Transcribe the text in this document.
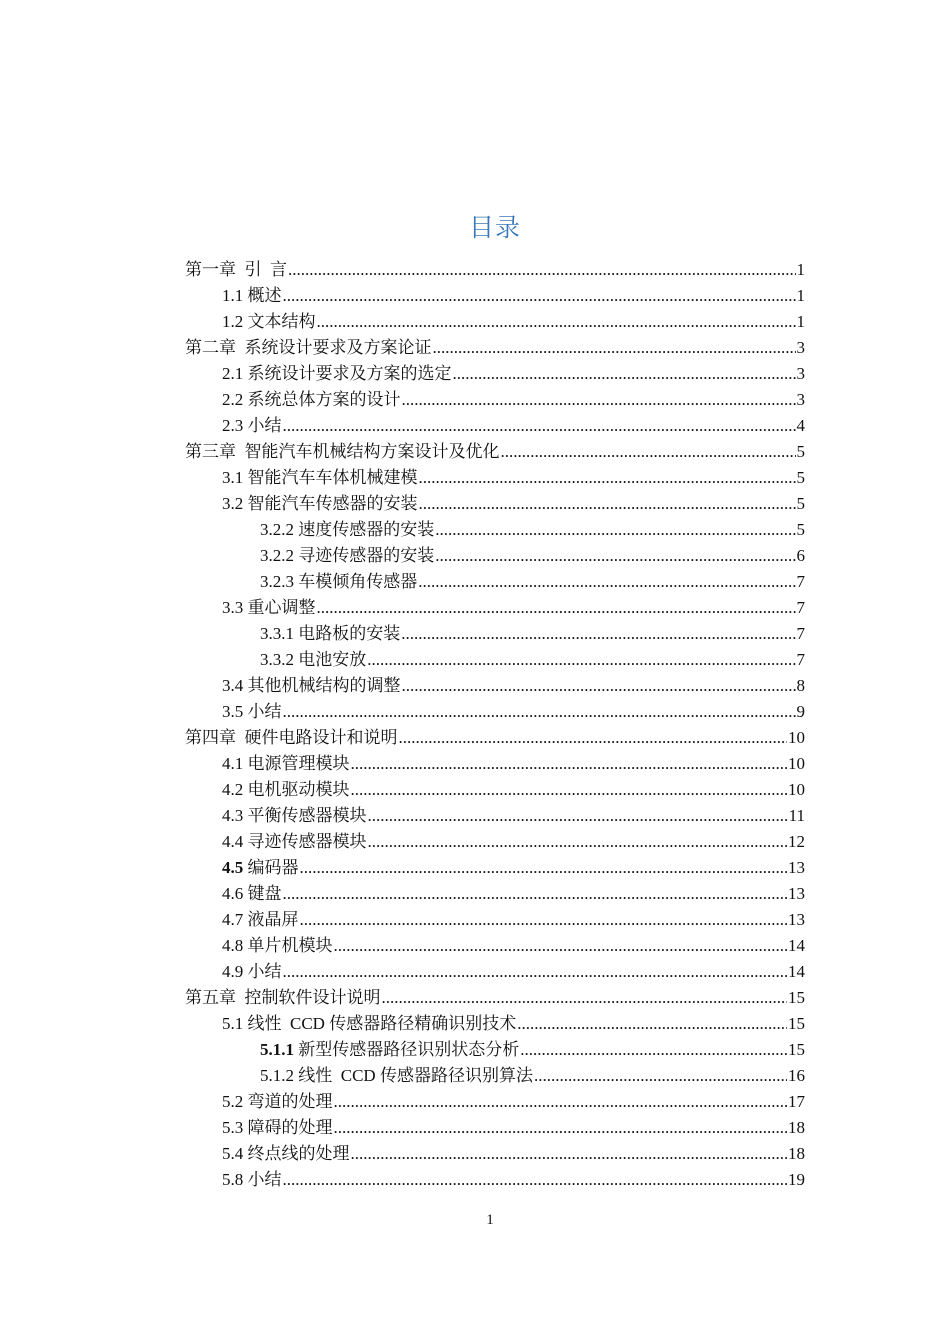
目录
第一章  引  言 .....	1
1.1 概述 .....	1
1.2 文本结构 .....	1
第二章  系统设计要求及方案论证 .....	3
2.1 系统设计要求及方案的选定 .....	3
2.2 系统总体方案的设计 .....	3
2.3 小结 .....	4
第三章  智能汽车机械结构方案设计及优化 .....	5
3.1 智能汽车车体机械建模 .....	5
3.2 智能汽车传感器的安装 .....	5
3.2.2 速度传感器的安装 .....	5
3.2.2 寻迹传感器的安装 .....	6
3.2.3 车模倾角传感器 .....	7
3.3 重心调整 .....	7
3.3.1 电路板的安装 .....	7
3.3.2 电池安放 .....	7
3.4 其他机械结构的调整 .....	8
3.5 小结 .....	9
第四章  硬件电路设计和说明 .....	10
4.1 电源管理模块 .....	10
4.2 电机驱动模块 .....	10
4.3 平衡传感器模块 .....	11
4.4 寻迹传感器模块 .....	12
4.5 编码器 .....	13
4.6 键盘 .....	13
4.7 液晶屏 .....	13
4.8 单片机模块 .....	14
4.9 小结 .....	14
第五章  控制软件设计说明 .....	15
5.1 线性  CCD 传感器路径精确识别技术 .....	15
5.1.1 新型传感器路径识别状态分析 .....	15
5.1.2 线性  CCD 传感器路径识别算法 .....	16
5.2 弯道的处理 .....	17
5.3 障碍的处理 .....	18
5.4 终点线的处理 .....	18
5.8 小结 .....	19
1
